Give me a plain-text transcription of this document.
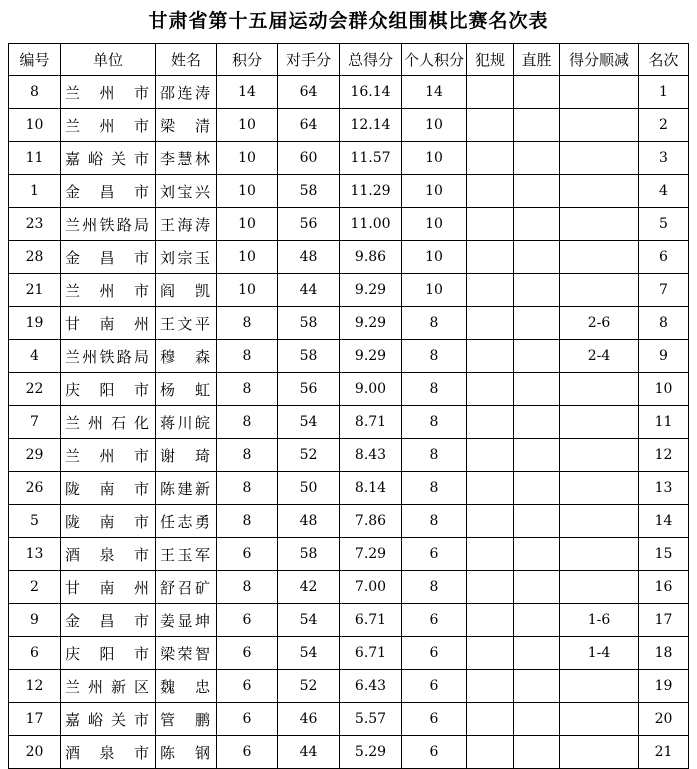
甘肃省第十五届运动会群众组围棋比赛名次表
编号	单位	姓名	积分	对手分	总得分	个人积分	犯规	直胜	得分顺减	名次
8	兰州市	邵连涛	14	64	16.14	14				1
10	兰州市	梁清	10	64	12.14	10				2
11	嘉峪关市	李慧林	10	60	11.57	10				3
1	金昌市	刘宝兴	10	58	11.29	10				4
23	兰州铁路局	王海涛	10	56	11.00	10				5
28	金昌市	刘宗玉	10	48	9.86	10				6
21	兰州市	阎凯	10	44	9.29	10				7
19	甘南州	王文平	8	58	9.29	8			2-6	8
4	兰州铁路局	穆森	8	58	9.29	8			2-4	9
22	庆阳市	杨虹	8	56	9.00	8				10
7	兰州石化	蒋川皖	8	54	8.71	8				11
29	兰州市	谢琦	8	52	8.43	8				12
26	陇南市	陈建新	8	50	8.14	8				13
5	陇南市	任志勇	8	48	7.86	8				14
13	酒泉市	王玉军	6	58	7.29	6				15
2	甘南州	舒召矿	8	42	7.00	8				16
9	金昌市	姜显坤	6	54	6.71	6			1-6	17
6	庆阳市	梁荣智	6	54	6.71	6			1-4	18
12	兰州新区	魏忠	6	52	6.43	6				19
17	嘉峪关市	管鹏	6	46	5.57	6				20
20	酒泉市	陈钢	6	44	5.29	6				21
